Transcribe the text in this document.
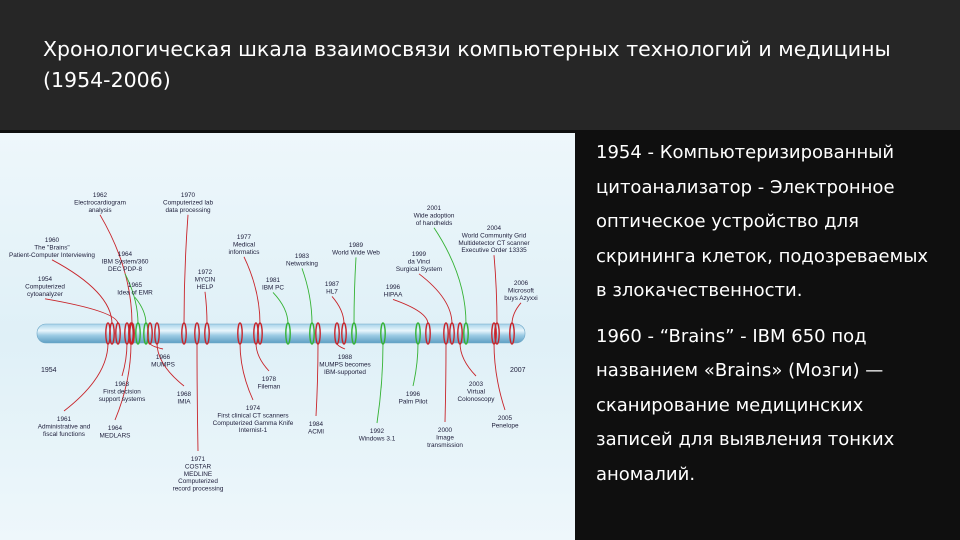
Хронологическая шкала взаимосвязи компьютерных технологий и медицины (1954-2006)
1954	2007
1954 Computerized cytoanalyzer
1960 The "Brains" Patient-Computer Interviewing
1962 Electrocardiogram analysis
1964 IBM System/360 DEC PDP-8
1965 Idea of EMR
1970 Computerized lab data processing
1972 MYCIN HELP
1977 Medical informatics
1981 IBM PC
1983 Networking
1987 HL7
1989 World Wide Web
1996 HIPAA
1999 da Vinci Surgical System
2001 Wide adoption of handhelds
2004 World Community Grid Multidetector CT scanner Executive Order 13335
2006 Microsoft buys Azyxxi
1961 Administrative and fiscal functions
1963 First decision support systems
1964 MEDLARS
1966 MUMPS
1968 IMIA
1971 COSTAR MEDLINE Computerized record processing
1974 First clinical CT scanners Computerized Gamma Knife Internist-1
1978 Fileman
1984 ACMI
1988 MUMPS becomes IBM-supported
1992 Windows 3.1
1996 Palm Pilot
2000 Image transmission
2003 Virtual Colonoscopy
2005 Penelope

1954 - Компьютеризированный цитоанализатор - Электронное оптическое устройство для скрининга клеток, подозреваемых в злокачественности.

1960 - “Brains” - IBM 650 под названием «Brains» (Мозги) — сканирование медицинских записей для выявления тонких аномалий.
